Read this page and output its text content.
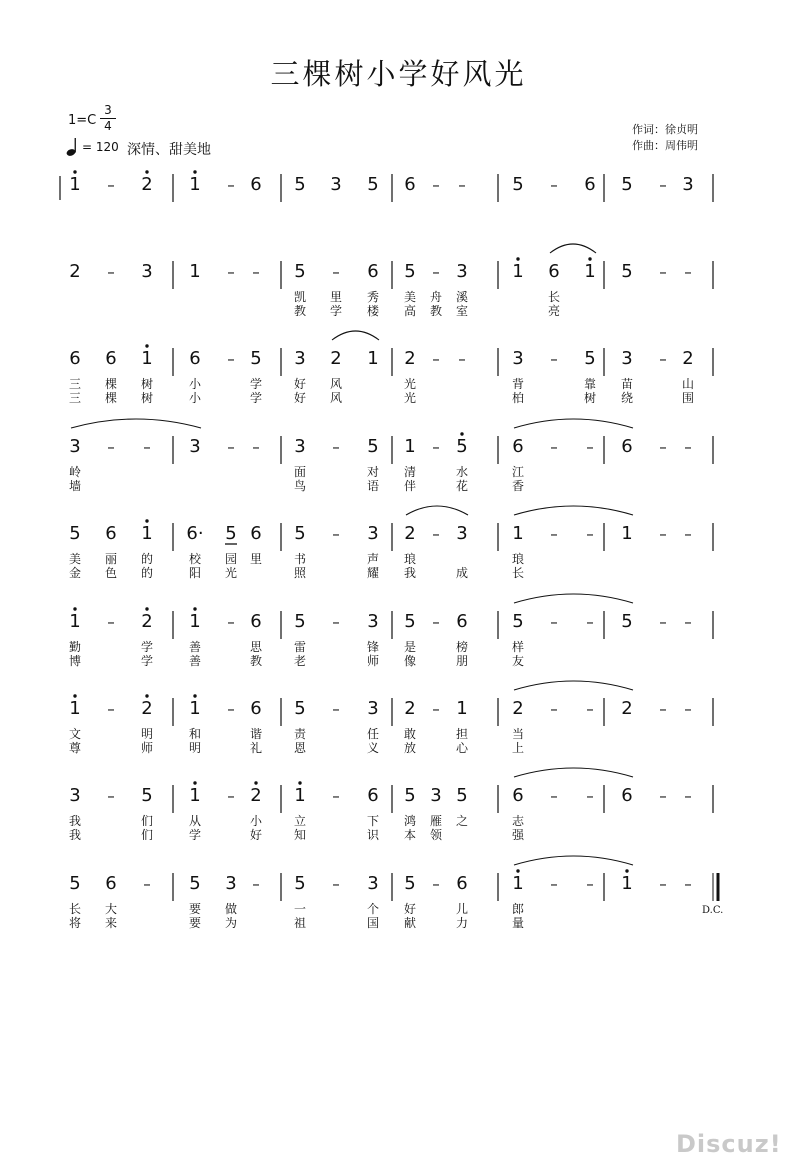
三棵树小学好风光
1=C
3
4
= 120 深情、甜美地
作词：徐贞明
作曲：周伟明
1 – 2 1 – 6 5 3 5 6 – –	5 – 6 5 – 3
2 – 3 1 – – 5 – 6 5 – 3 1 6 1 5 – –
凯 里 秀 美 舟 溪	长
教 学 楼 高 教 室	亮
6 6 1 6 – 5 3 2 1 2 – –	3 – 5 3 – 2
三 棵 树	小	学	好 风	光	背	靠 苗	山
三 棵 树	小	学	好 风	光	柏	树 绕	围
3 – – 3 – – 3 – 5 1 – 5 6 – – 6 – –
岭	面	对 清	水	江
墙	鸟	语 伴	花	香
5 6 1 6· 5 6 5 – 3 2 – 3 1 – – 1 – –
美 丽 的	校 园 里	书	声 琅	琅
金 色 的	阳 光	照	耀 我	成	长
1 – 2 1 – 6 5 – 3 5 – 6 5 – – 5 – –
勤	学	善	思	雷	锋 是	榜	样
博	学	善	教	老	师 像	朋	友
1 – 2 1 – 6 5 – 3 2 – 1 2 – – 2 – –
文	明	和	谐	责	任 敢	担	当
尊	师	明	礼	恩	义 放	心	上
3 – 5 1 – 2 1 – 6 5 3 5 6 – – 6 – –
我	们	从	小	立	下 鸿 雁 之	志
我	们	学	好	知	识 本 领	强
5 6 – 5 3 – 5 – 3 5 – 6 1 – – 1 – –
长 大	要 做	一	个 好	儿	郎
将 来	要 为	祖	国 献	力	量
D.C.
Discuz!
